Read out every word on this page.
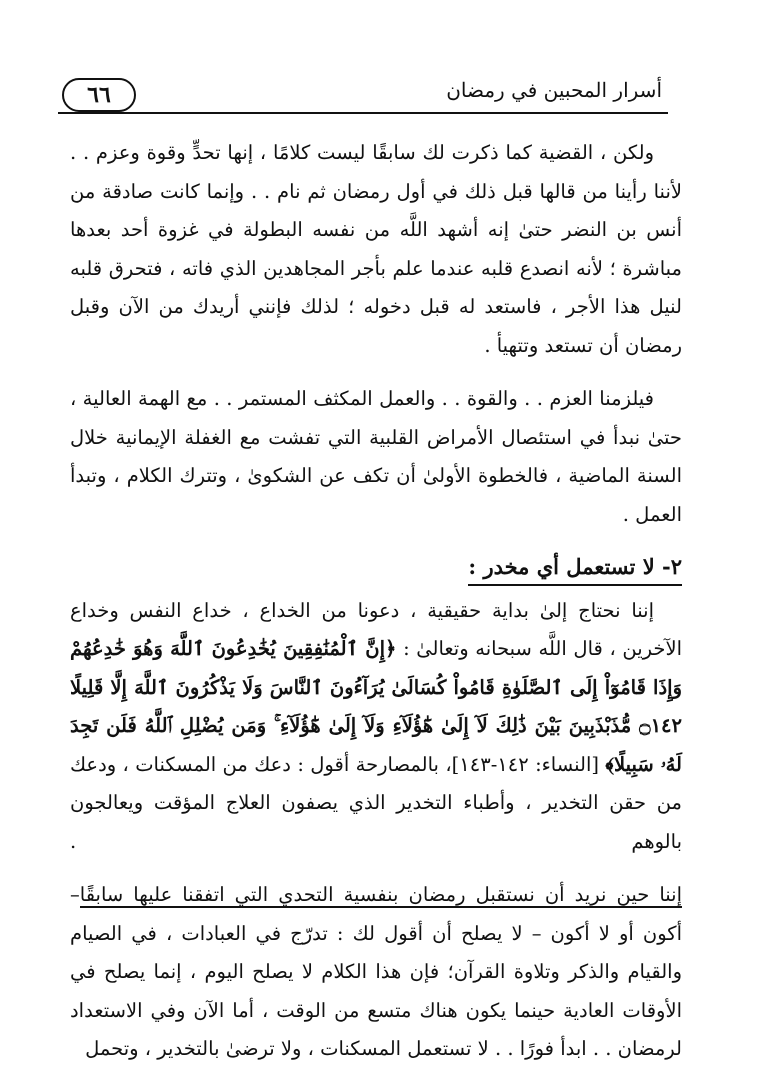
٦٦	أسرار المحبين في رمضان

ولكن ، القضية كما ذكرت لك سابقًا ليست كلامًا ، إنها تحدٍّ وقوة وعزم . . لأننا رأينا من قالها قبل ذلك في أول رمضان ثم نام . . وإنما كانت صادقة من أنس بن النضر حتىٰ إنه أشهد اللَّه من نفسه البطولة في غزوة أحد بعدها مباشرة ؛ لأنه انصدع قلبه عندما علم بأجر المجاهدين الذي فاته ، فتحرق قلبه لنيل هذا الأجر ، فاستعد له قبل دخوله ؛ لذلك فإنني أريدك من الآن وقبل رمضان أن تستعد وتتهيأ .

فيلزمنا العزم . . والقوة . . والعمل المكثف المستمر . . مع الهمة العالية ، حتىٰ نبدأ في استئصال الأمراض القلبية التي تفشت مع الغفلة الإيمانية خلال السنة الماضية ، فالخطوة الأولىٰ أن تكف عن الشكوىٰ ، وتترك الكلام ، وتبدأ العمل .

٢- لا تستعمل أي مخدر :

إننا نحتاج إلىٰ بداية حقيقية ، دعونا من الخداع ، خداع النفس وخداع الآخرين ، قال اللَّه سبحانه وتعالىٰ : ﴿إِنَّ ٱلْمُنَٰفِقِينَ يُخَٰدِعُونَ ٱللَّهَ وَهُوَ خَٰدِعُهُمْ وَإِذَا قَامُوٓاْ إِلَى ٱلصَّلَوٰةِ قَامُواْ كُسَالَىٰ يُرَآءُونَ ٱلنَّاسَ وَلَا يَذْكُرُونَ ٱللَّهَ إِلَّا قَلِيلًا ۝١٤٢ مُّذَبْذَبِينَ بَيْنَ ذَٰلِكَ لَآ إِلَىٰ هَٰٓؤُلَآءِ وَلَآ إِلَىٰ هَٰٓؤُلَآءِ ۚ وَمَن يُضْلِلِ ٱللَّهُ فَلَن تَجِدَ لَهُۥ سَبِيلًا﴾ [النساء: ١٤٢-١٤٣]، بالمصارحة أقول : دعك من المسكنات ، ودعك من حقن التخدير ، وأطباء التخدير الذي يصفون العلاج المؤقت ويعالجون بالوهم .

إننا حين نريد أن نستقبل رمضان بنفسية التحدي التي اتفقنا عليها سابقًا– أكون أو لا أكون – لا يصلح أن أقول لك : تدرّج في العبادات ، في الصيام والقيام والذكر وتلاوة القرآن؛ فإن هذا الكلام لا يصلح اليوم ، إنما يصلح في الأوقات العادية حينما يكون هناك متسع من الوقت ، أما الآن وفي الاستعداد لرمضان . . ابدأ فورًا . . لا تستعمل المسكنات ، ولا ترضىٰ بالتخدير ، وتحمل
